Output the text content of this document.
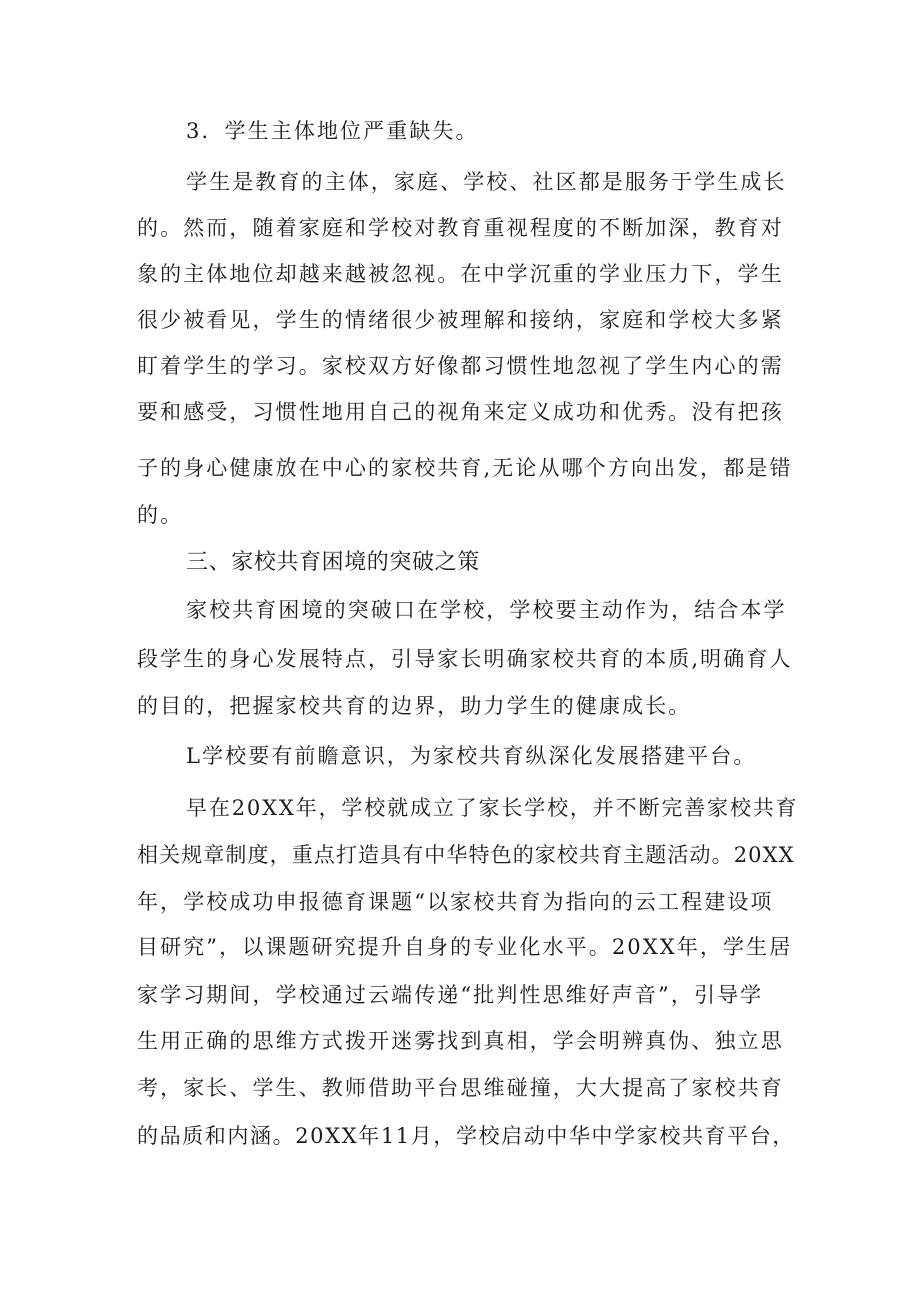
3．学生主体地位严重缺失。
学生是教育的主体，家庭、学校、社区都是服务于学生成长
的。然而，随着家庭和学校对教育重视程度的不断加深，教育对
象的主体地位却越来越被忽视。在中学沉重的学业压力下，学生
很少被看见，学生的情绪很少被理解和接纳，家庭和学校大多紧
盯着学生的学习。家校双方好像都习惯性地忽视了学生内心的需
要和感受，习惯性地用自己的视角来定义成功和优秀。没有把孩
子的身心健康放在中心的家校共育,无论从哪个方向出发，都是错
的。
三、家校共育困境的突破之策
家校共育困境的突破口在学校，学校要主动作为，结合本学
段学生的身心发展特点，引导家长明确家校共育的本质,明确育人
的目的，把握家校共育的边界，助力学生的健康成长。
L学校要有前瞻意识，为家校共育纵深化发展搭建平台。
早在20XX年，学校就成立了家长学校，并不断完善家校共育
相关规章制度，重点打造具有中华特色的家校共育主题活动。20XX
年，学校成功申报德育课题“以家校共育为指向的云工程建设项
目研究”，以课题研究提升自身的专业化水平。20XX年，学生居
家学习期间，学校通过云端传递“批判性思维好声音”，引导学
生用正确的思维方式拨开迷雾找到真相，学会明辨真伪、独立思
考，家长、学生、教师借助平台思维碰撞，大大提高了家校共育
的品质和内涵。20XX年11月，学校启动中华中学家校共育平台，
